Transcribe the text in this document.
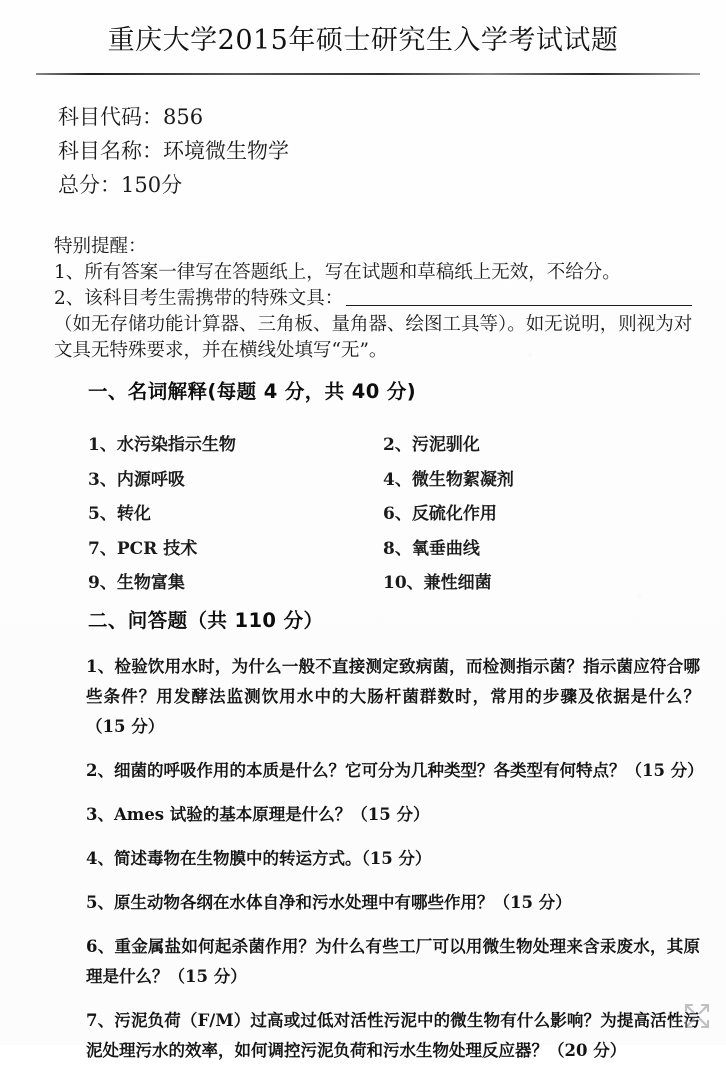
重庆大学2015年硕士研究生入学考试试题
科目代码：856
科目名称：环境微生物学
总分：150分
特别提醒：
1、所有答案一律写在答题纸上，写在试题和草稿纸上无效，不给分。
2、该科目考生需携带的特殊文具：
（如无存储功能计算器、三角板、量角器、绘图工具等）。如无说明，则视为对文具无特殊要求，并在横线处填写“无”。
一、名词解释(每题 4 分，共 40 分)
1、水污染指示生物
3、内源呼吸
5、转化
7、PCR 技术
9、生物富集
2、污泥驯化
4、微生物絮凝剂
6、反硫化作用
8、氧垂曲线
10、兼性细菌
二、问答题（共 110 分）
1、检验饮用水时，为什么一般不直接测定致病菌，而检测指示菌？指示菌应符合哪些条件？用发酵法监测饮用水中的大肠杆菌群数时，常用的步骤及依据是什么？（15 分）
2、细菌的呼吸作用的本质是什么？它可分为几种类型？各类型有何特点？（15 分）
3、Ames 试验的基本原理是什么？（15 分）
4、简述毒物在生物膜中的转运方式。（15 分）
5、原生动物各纲在水体自净和污水处理中有哪些作用？（15 分）
6、重金属盐如何起杀菌作用？为什么有些工厂可以用微生物处理来含汞废水，其原理是什么？（15 分）
7、污泥负荷（F/M）过高或过低对活性污泥中的微生物有什么影响？为提高活性污泥处理污水的效率，如何调控污泥负荷和污水生物处理反应器？（20 分）
